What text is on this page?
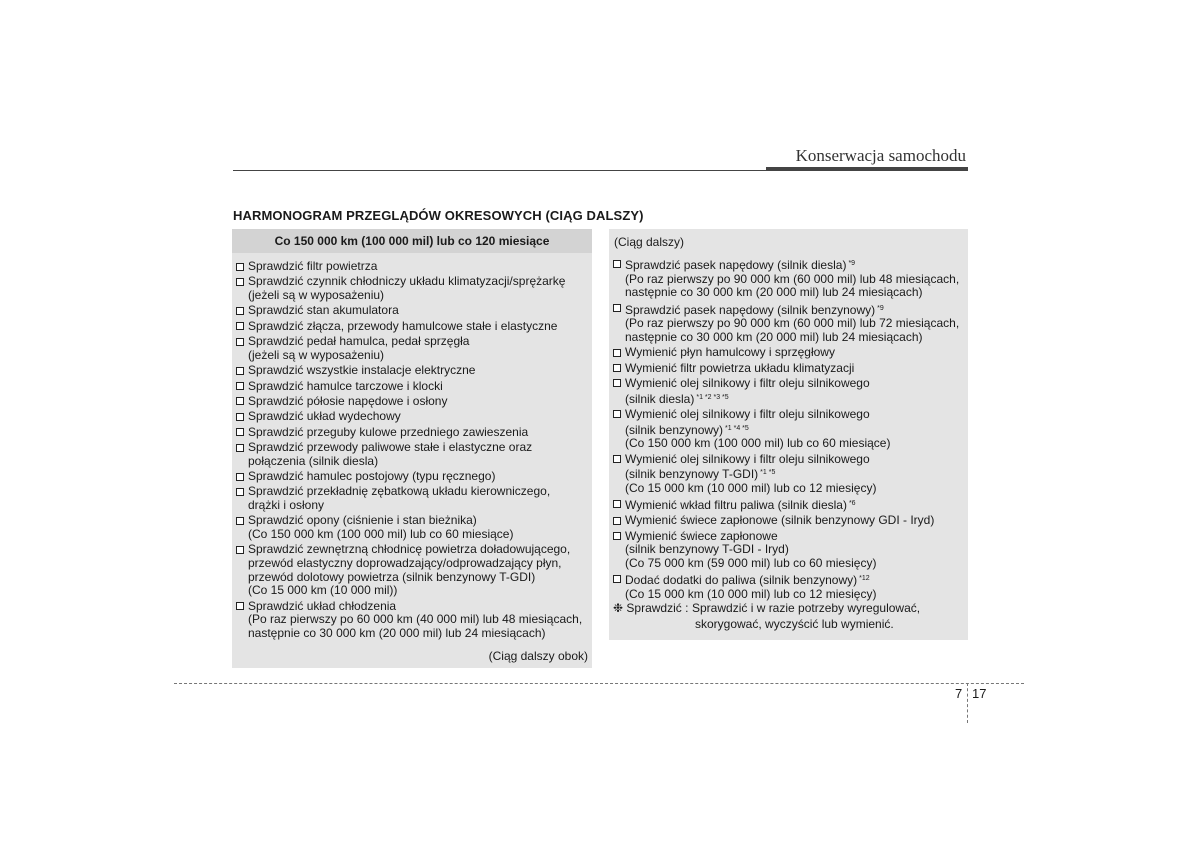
Konserwacja samochodu
HARMONOGRAM PRZEGLĄDÓW OKRESOWYCH (CIĄG DALSZY)
Co 150 000 km (100 000 mil) lub co 120 miesiące
Sprawdzić filtr powietrza
Sprawdzić czynnik chłodniczy układu klimatyzacji/sprężarkę
(jeżeli są w wyposażeniu)
Sprawdzić stan akumulatora
Sprawdzić złącza, przewody hamulcowe stałe i elastyczne
Sprawdzić pedał hamulca, pedał sprzęgła
(jeżeli są w wyposażeniu)
Sprawdzić wszystkie instalacje elektryczne
Sprawdzić hamulce tarczowe i klocki
Sprawdzić półosie napędowe i osłony
Sprawdzić układ wydechowy
Sprawdzić przeguby kulowe przedniego zawieszenia
Sprawdzić przewody paliwowe stałe i elastyczne oraz
połączenia (silnik diesla)
Sprawdzić hamulec postojowy (typu ręcznego)
Sprawdzić przekładnię zębatkową układu kierowniczego,
drążki i osłony
Sprawdzić opony (ciśnienie i stan bieżnika)
(Co 150 000 km (100 000 mil) lub co 60 miesiące)
Sprawdzić zewnętrzną chłodnicę powietrza doładowującego,
przewód elastyczny doprowadzający/odprowadzający płyn,
przewód dolotowy powietrza (silnik benzynowy T-GDI)
(Co 15 000 km (10 000 mil))
Sprawdzić układ chłodzenia
(Po raz pierwszy po 60 000 km (40 000 mil) lub 48 miesiącach,
następnie co 30 000 km (20 000 mil) lub 24 miesiącach)
(Ciąg dalszy obok)
(Ciąg dalszy)
Sprawdzić pasek napędowy (silnik diesla) $^{*9}$
(Po raz pierwszy po 90 000 km (60 000 mil) lub 48 miesiącach,
następnie co 30 000 km (20 000 mil) lub 24 miesiącach)
Sprawdzić pasek napędowy (silnik benzynowy) $^{*9}$
(Po raz pierwszy po 90 000 km (60 000 mil) lub 72 miesiącach,
następnie co 30 000 km (20 000 mil) lub 24 miesiącach)
Wymienić płyn hamulcowy i sprzęgłowy
Wymienić filtr powietrza układu klimatyzacji
Wymienić olej silnikowy i filtr oleju silnikowego
(silnik diesla) $^{*1 *2 *3 *5}$
Wymienić olej silnikowy i filtr oleju silnikowego
(silnik benzynowy) $^{*1 *4 *5}$
(Co 150 000 km (100 000 mil) lub co 60 miesiące)
Wymienić olej silnikowy i filtr oleju silnikowego
(silnik benzynowy T-GDI) $^{*1 *5}$
(Co 15 000 km (10 000 mil) lub co 12 miesięcy)
Wymienić wkład filtru paliwa (silnik diesla) $^{*6}$
Wymienić świece zapłonowe (silnik benzynowy GDI - Iryd)
Wymienić świece zapłonowe
(silnik benzynowy T-GDI - Iryd)
(Co 75 000 km (59 000 mil) lub co 60 miesięcy)
Dodać dodatki do paliwa (silnik benzynowy) $^{*12}$
(Co 15 000 km (10 000 mil) lub co 12 miesięcy)
❉ Sprawdzić : Sprawdzić i w razie potrzeby wyregulować,
skorygować, wyczyścić lub wymienić.
7 17
